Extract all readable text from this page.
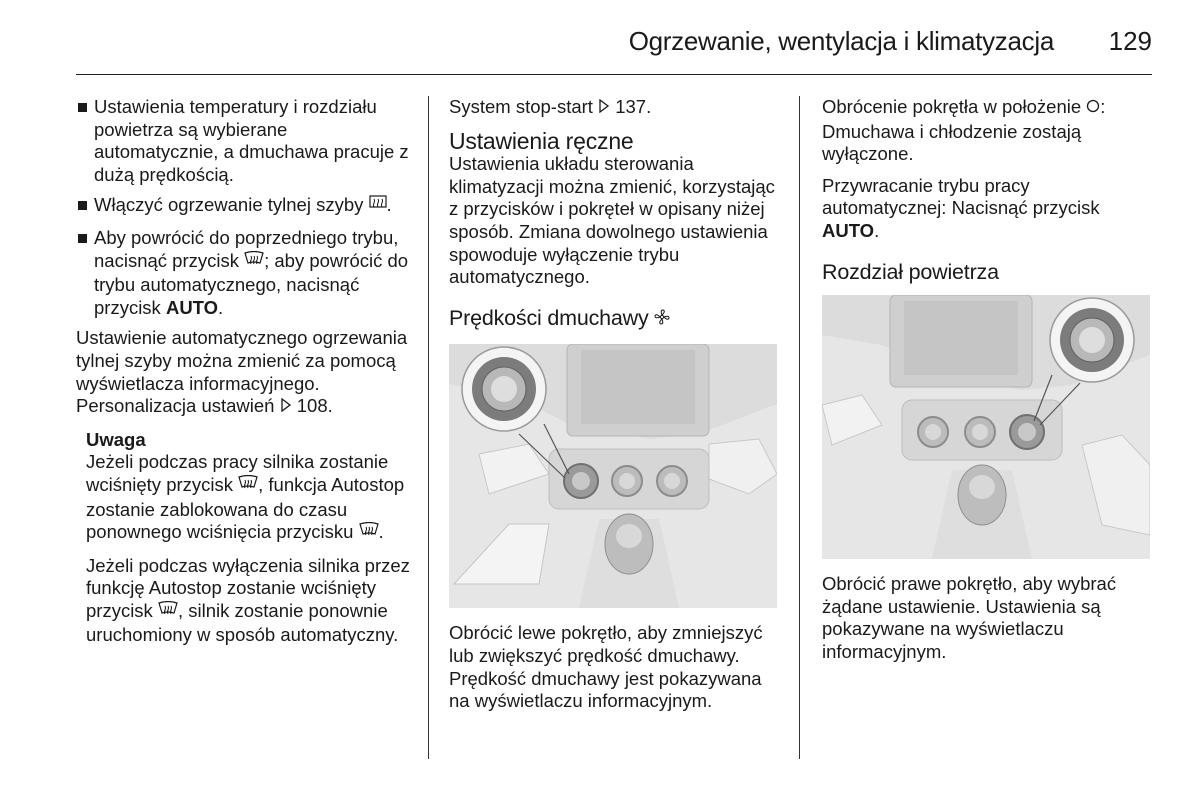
Ogrzewanie, wentylacja i klimatyzacja 129
Ustawienia temperatury i rozdziału powietrza są wybierane automatycznie, a dmuchawa pracuje z dużą prędkością.
Włączyć ogrzewanie tylnej szyby .
Aby powrócić do poprzedniego trybu, nacisnąć przycisk ; aby powrócić do trybu automatycznego, nacisnąć przycisk AUTO.

Ustawienie automatycznego ogrzewania tylnej szyby można zmienić za pomocą wyświetlacza informacyjnego. Personalizacja ustawień  108.

Uwaga

Jeżeli podczas pracy silnika zostanie wciśnięty przycisk , funkcja Autostop zostanie zablokowana do czasu ponownego wciśnięcia przycisku .

Jeżeli podczas wyłączenia silnika przez funkcję Autostop zostanie wciśnięty przycisk , silnik zostanie ponownie uruchomiony w sposób automatyczny.

System stop-start  137.

Ustawienia ręczne

Ustawienia układu sterowania klimatyzacji można zmienić, korzystając z przycisków i pokręteł w opisany niżej sposób. Zmiana dowolnego ustawienia spowoduje wyłączenie trybu automatycznego.

Prędkości dmuchawy

Obrócić lewe pokrętło, aby zmniejszyć lub zwiększyć prędkość dmuchawy. Prędkość dmuchawy jest pokazywana na wyświetlaczu informacyjnym.

Obrócenie pokrętła w położenie : Dmuchawa i chłodzenie zostają wyłączone.

Przywracanie trybu pracy automatycznej: Nacisnąć przycisk AUTO.

Rozdział powietrza

Obrócić prawe pokrętło, aby wybrać żądane ustawienie. Ustawienia są pokazywane na wyświetlaczu informacyjnym.
